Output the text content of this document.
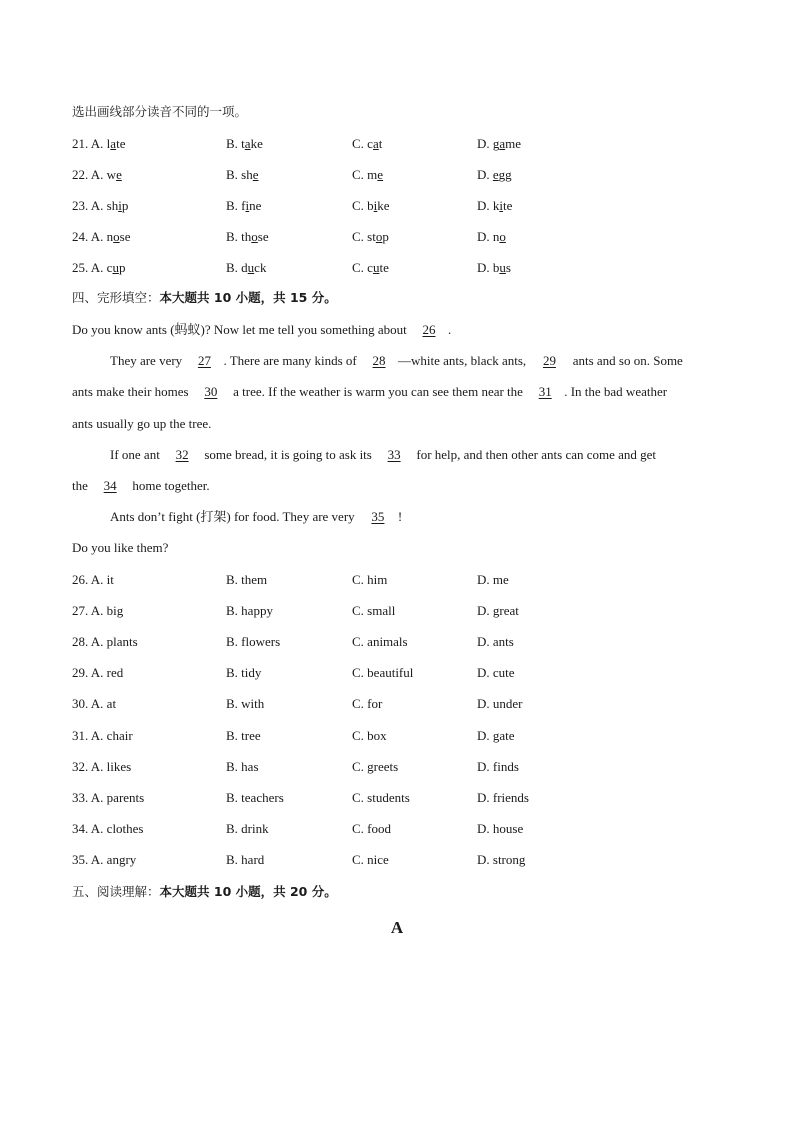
选出画线部分读音不同的一项。
21. A. late	B. take	C. cat	D. game
22. A. we	B. she	C. me	D. egg
23. A. ship	B. fine	C. bike	D. kite
24. A. nose	B. those	C. stop	D. no
25. A. cup	B. duck	C. cute	D. bus
四、完形填空：本大题共 10 小题，共 15 分。
Do you know ants (蚂蚁)? Now let me tell you something about 26 .
They are very 27 . There are many kinds of 28 —white ants, black ants, 29 ants and so on. Some
ants make their homes 30 a tree. If the weather is warm you can see them near the 31 . In the bad weather
ants usually go up the tree.
If one ant 32 some bread, it is going to ask its 33 for help, and then other ants can come and get
the 34 home together.
Ants don’t fight (打架) for food. They are very 35 !
Do you like them?
26. A. it	B. them	C. him	D. me
27. A. big	B. happy	C. small	D. great
28. A. plants	B. flowers	C. animals	D. ants
29. A. red	B. tidy	C. beautiful	D. cute
30. A. at	B. with	C. for	D. under
31. A. chair	B. tree	C. box	D. gate
32. A. likes	B. has	C. greets	D. finds
33. A. parents	B. teachers	C. students	D. friends
34. A. clothes	B. drink	C. food	D. house
35. A. angry	B. hard	C. nice	D. strong
五、阅读理解：本大题共 10 小题，共 20 分。
A
